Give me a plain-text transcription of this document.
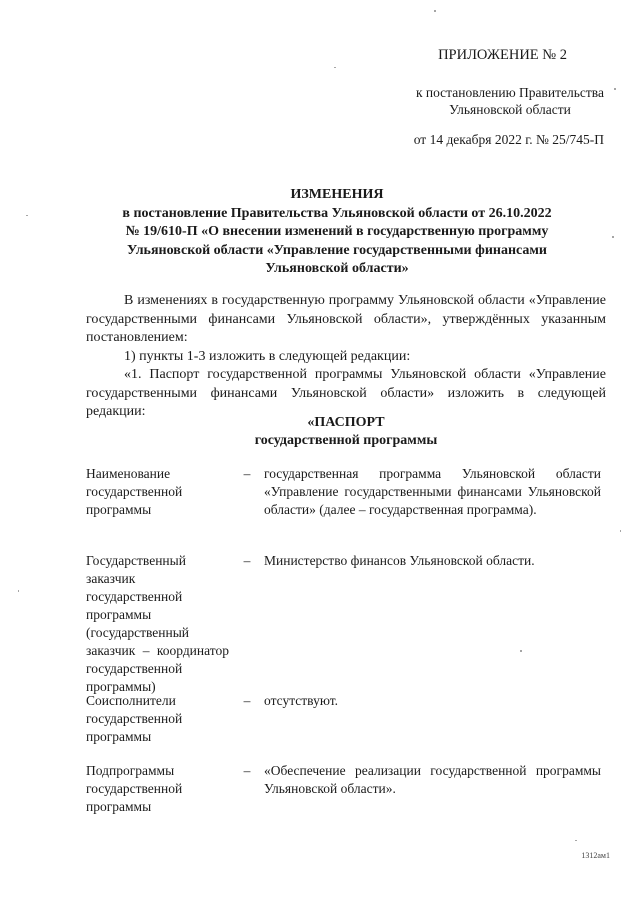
ПРИЛОЖЕНИЕ № 2
к постановлению Правительства
Ульяновской области
от 14 декабря 2022 г. № 25/745-П
ИЗМЕНЕНИЯ
в постановление Правительства Ульяновской области от 26.10.2022
№ 19/610-П «О внесении изменений в государственную программу
Ульяновской области «Управление государственными финансами
Ульяновской области»

В изменениях в государственную программу Ульяновской области «Управление государственными финансами Ульяновской области», утверждённых указанным постановлением:

1) пункты 1-3 изложить в следующей редакции:

«1. Паспорт государственной программы Ульяновской области «Управление государственными финансами Ульяновской области» изложить в следующей редакции:

«ПАСПОРТ
государственной программы
Наименование государственной программы
– государственная программа Ульяновской области «Управление государственными финансами Ульяновской области» (далее – государственная программа).
Государственный заказчик государственной программы (государственный заказчик – координатор государственной программы)
– Министерство финансов Ульяновской области.
Соисполнители государственной программы
– отсутствуют.
Подпрограммы государственной программы
– «Обеспечение реализации государственной программы Ульяновской области».
1312aм1
